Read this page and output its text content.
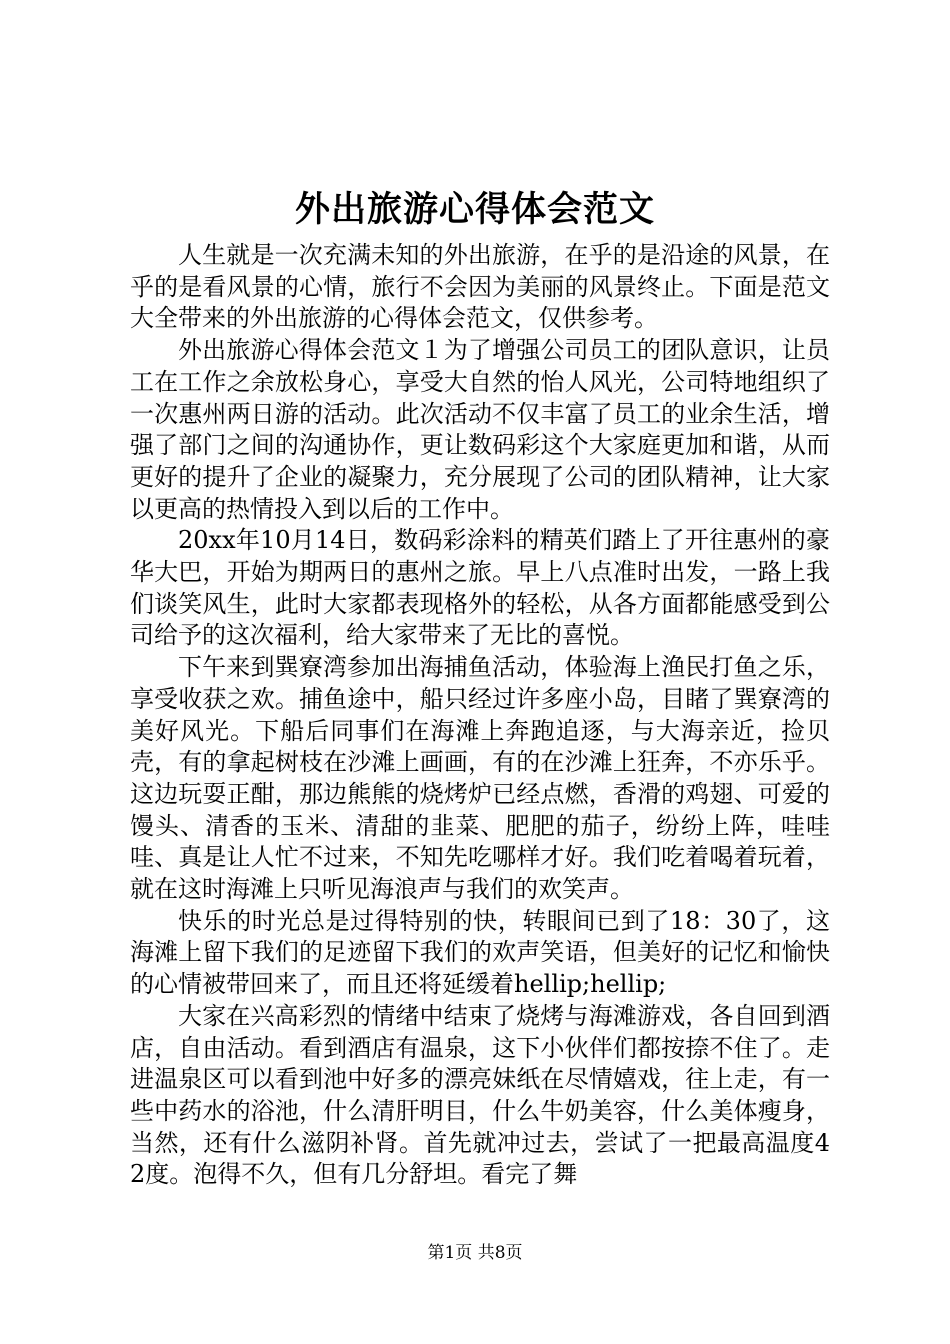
外出旅游心得体会范文

人生就是一次充满未知的外出旅游，在乎的是沿途的风景，在乎的是看风景的心情，旅行不会因为美丽的风景终止。下面是范文大全带来的外出旅游的心得体会范文，仅供参考。

外出旅游心得体会范文１为了增强公司员工的团队意识，让员工在工作之余放松身心，享受大自然的怡人风光，公司特地组织了一次惠州两日游的活动。此次活动不仅丰富了员工的业余生活，增强了部门之间的沟通协作，更让数码彩这个大家庭更加和谐，从而更好的提升了企业的凝聚力，充分展现了公司的团队精神，让大家以更高的热情投入到以后的工作中。

20xx年10月14日，数码彩涂料的精英们踏上了开往惠州的豪华大巴，开始为期两日的惠州之旅。早上八点准时出发，一路上我们谈笑风生，此时大家都表现格外的轻松，从各方面都能感受到公司给予的这次福利，给大家带来了无比的喜悦。

下午来到巽寮湾参加出海捕鱼活动，体验海上渔民打鱼之乐，享受收获之欢。捕鱼途中，船只经过许多座小岛，目睹了巽寮湾的美好风光。下船后同事们在海滩上奔跑追逐，与大海亲近，捡贝壳，有的拿起树枝在沙滩上画画，有的在沙滩上狂奔，不亦乐乎。这边玩耍正酣，那边熊熊的烧烤炉已经点燃，香滑的鸡翅、可爱的馒头、清香的玉米、清甜的韭菜、肥肥的茄子，纷纷上阵，哇哇哇、真是让人忙不过来，不知先吃哪样才好。我们吃着喝着玩着，就在这时海滩上只听见海浪声与我们的欢笑声。

快乐的时光总是过得特别的快，转眼间已到了18：30了，这海滩上留下我们的足迹留下我们的欢声笑语，但美好的记忆和愉快的心情被带回来了，而且还将延缓着hellip;hellip;

大家在兴高彩烈的情绪中结束了烧烤与海滩游戏，各自回到酒店，自由活动。看到酒店有温泉，这下小伙伴们都按捺不住了。走进温泉区可以看到池中好多的漂亮妹纸在尽情嬉戏，往上走，有一些中药水的浴池，什么清肝明目，什么牛奶美容，什么美体瘦身，当然，还有什么滋阴补肾。首先就冲过去，尝试了一把最高温度42度。泡得不久，但有几分舒坦。看完了舞

第1页 共8页
